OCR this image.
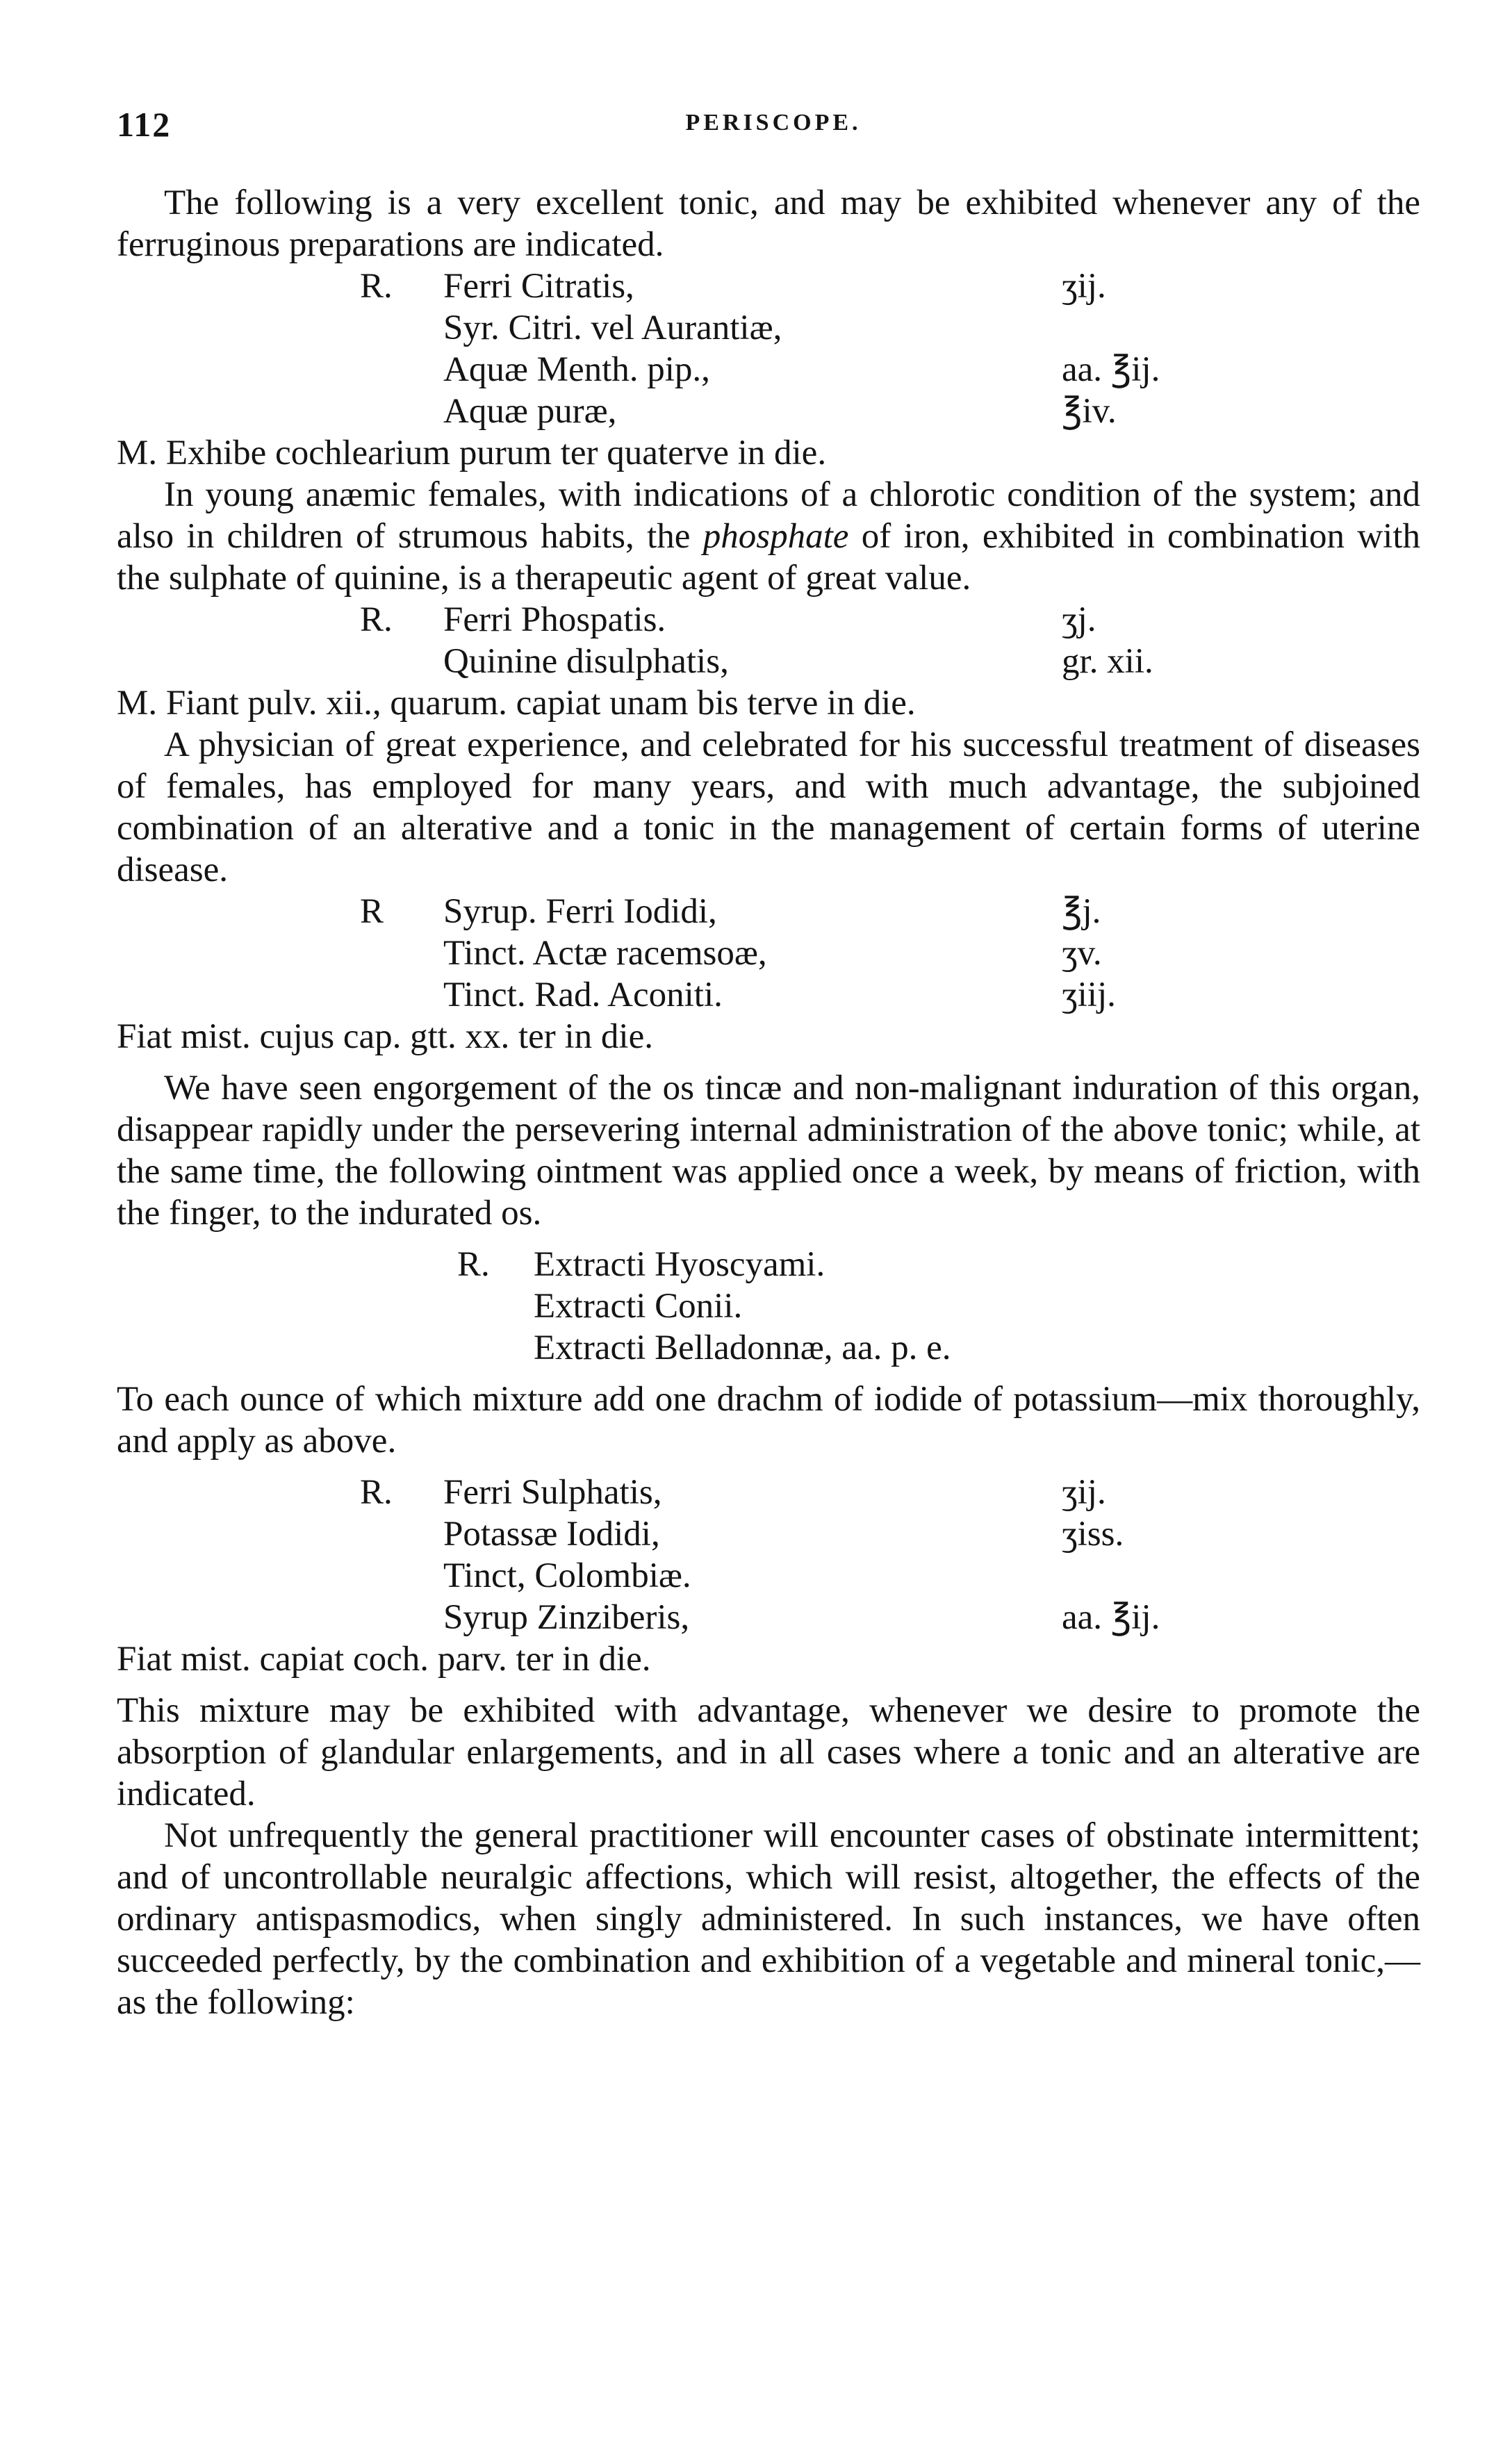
112	PERISCOPE.

The following is a very excellent tonic, and may be exhibited whenever any of the ferruginous preparations are indicated.

R. Ferri Citratis,	ʒij.
Syr. Citri. vel Aurantiæ,
Aquæ Menth. pip.,	aa. ℥ij.
Aquæ puræ,	℥iv.

M. Exhibe cochlearium purum ter quaterve in die.

In young anæmic females, with indications of a chlorotic condition of the system; and also in children of strumous habits, the phosphate of iron, exhibited in combination with the sulphate of quinine, is a therapeutic agent of great value.

R. Ferri Phospatis.	ʒj.
Quinine disulphatis,	gr. xii.

M. Fiant pulv. xii., quarum. capiat unam bis terve in die.

A physician of great experience, and celebrated for his successful treatment of diseases of females, has employed for many years, and with much advantage, the subjoined combination of an alterative and a tonic in the management of certain forms of uterine disease.

R Syrup. Ferri Iodidi,	℥j.
Tinct. Actæ racemsoæ,	ʒv.
Tinct. Rad. Aconiti.	ʒiij.

Fiat mist. cujus cap. gtt. xx. ter in die.

We have seen engorgement of the os tincæ and non-malignant induration of this organ, disappear rapidly under the persevering internal administration of the above tonic; while, at the same time, the following ointment was applied once a week, by means of friction, with the finger, to the indurated os.

R. Extracti Hyoscyami.
Extracti Conii.
Extracti Belladonnæ, aa. p. e.

To each ounce of which mixture add one drachm of iodide of potassium—mix thoroughly, and apply as above.

R. Ferri Sulphatis,	ʒij.
Potassæ Iodidi,	ʒiss.
Tinct, Colombiæ.
Syrup Zinziberis,	aa. ℥ij.

Fiat mist. capiat coch. parv. ter in die.

This mixture may be exhibited with advantage, whenever we desire to promote the absorption of glandular enlargements, and in all cases where a tonic and an alterative are indicated.

Not unfrequently the general practitioner will encounter cases of obstinate intermittent; and of uncontrollable neuralgic affections, which will resist, altogether, the effects of the ordinary antispasmodics, when singly administered. In such instances, we have often succeeded perfectly, by the combination and exhibition of a vegetable and mineral tonic,—as the following:
